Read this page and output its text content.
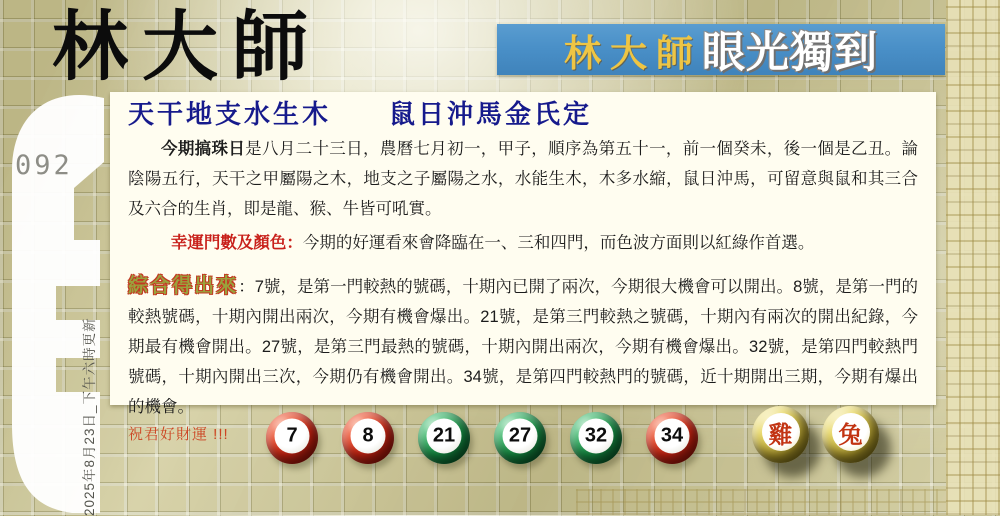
林大師
092
2025年8月23日_下午六時更新
林大師 眼光獨到
天干地支水生木　　鼠日沖馬金氏定
今期搞珠日是八月二十三日，農曆七月初一，甲子，順序為第五十一，前一個癸未，後一個是乙丑。論陰陽五行，天干之甲屬陽之木，地支之子屬陽之水，水能生木，木多水縮，鼠日沖馬，可留意與鼠和其三合及六合的生肖，即是龍、猴、牛皆可吼實。
幸運門數及顏色：今期的好運看來會降臨在一、三和四門，而色波方面則以紅綠作首選。
綜合得出來：7號，是第一門較熱的號碼，十期內已開了兩次，今期很大機會可以開出。8號，是第一門的較熱號碼，十期內開出兩次，今期有機會爆出。21號，是第三門較熱之號碼，十期內有兩次的開出紀錄，今期最有機會開出。27號，是第三門最熱的號碼，十期內開出兩次，今期有機會爆出。32號，是第四門較熱門號碼，十期內開出三次，今期仍有機會開出。34號，是第四門較熱門的號碼，近十期開出三期，今期有爆出的機會。
祝君好財運 !!!	7	8	21	27	32	34	雞 兔
